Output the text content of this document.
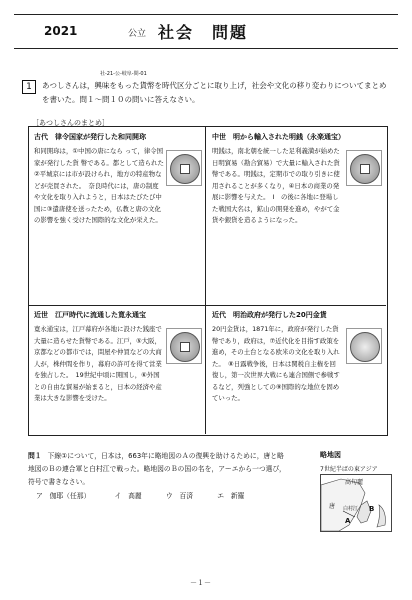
2021	公立 社会　問題
社-21-公-岐阜-問-01
1	あつしさんは，興味をもった貨幣を時代区分ごとに取り上げ，社会や文化の移り変わりについてまとめを書いた。問１～問１０の問いに答えなさい。
［あつしさんのまとめ］
古代　律令国家が発行した和同開珎
和同開珎は，①中国の唐になら って，律令国家が発行した貨 幣である。都として造られた ②平城京には市が設けられ，地方の特産物などが売買された。　奈良時代には，唐の制度や文化を取り入れようと，日本はたびたび中国に③遣唐使を送ったため，仏教と唐の文化の影響を強く受けた国際的な文化が栄えた。
中世　明から輸入された明銭（永楽通宝）
明銭は，南北朝を統一した足利義満が始めた日明貿易（勘合貿易）で大量に輸入された貨幣である。明銭は，定期市での取り引きに使用されることが多くなり，④日本の商業の発展に影響を与えた。　Ⅰ　の後に各地に登場した戦国大名は，鉱山の開発を進め，やがて金貨や銀貨を造るようになった。
近世　江戸時代に流通した寛永通宝
寛永通宝は，江戸幕府が各地に設けた銭座で大量に造らせた貨幣である。江戸，⑤大阪，京都などの都市では，問屋や仲買などの大商人が，株仲間を作り，幕府の許可を得て営業を独占した。　19世紀中頃に開国し，⑥外国との自由な貿易が始まると，日本の経済や産業は大きな影響を受けた。
近代　明治政府が発行した20円金貨
20円金貨は，1871年に，政府が発行した貨幣であり，政府は，⑦近代化を目指す政策を進め，その土台となる欧米の文化を取り入れた。　⑧日露戦争後，日本は関税自主権を回復し，第一次世界大戦にも連合国側で参戦するなど，列強としての⑨国際的な地位を固めていった。
問１ 下線①について，日本は，663年に略地図のＡの復興を助けるために，唐と略地図のＢの連合軍と白村江で戦った。略地図のＢの国の名を，アーエから一つ選び，符号で書きなさい。
ア　伽耶（任那）	イ　高麗	ウ　百済	エ　新羅
略地図
7世紀半ばの東アジア
唐
高句麗
白村江
A
B
－１－
